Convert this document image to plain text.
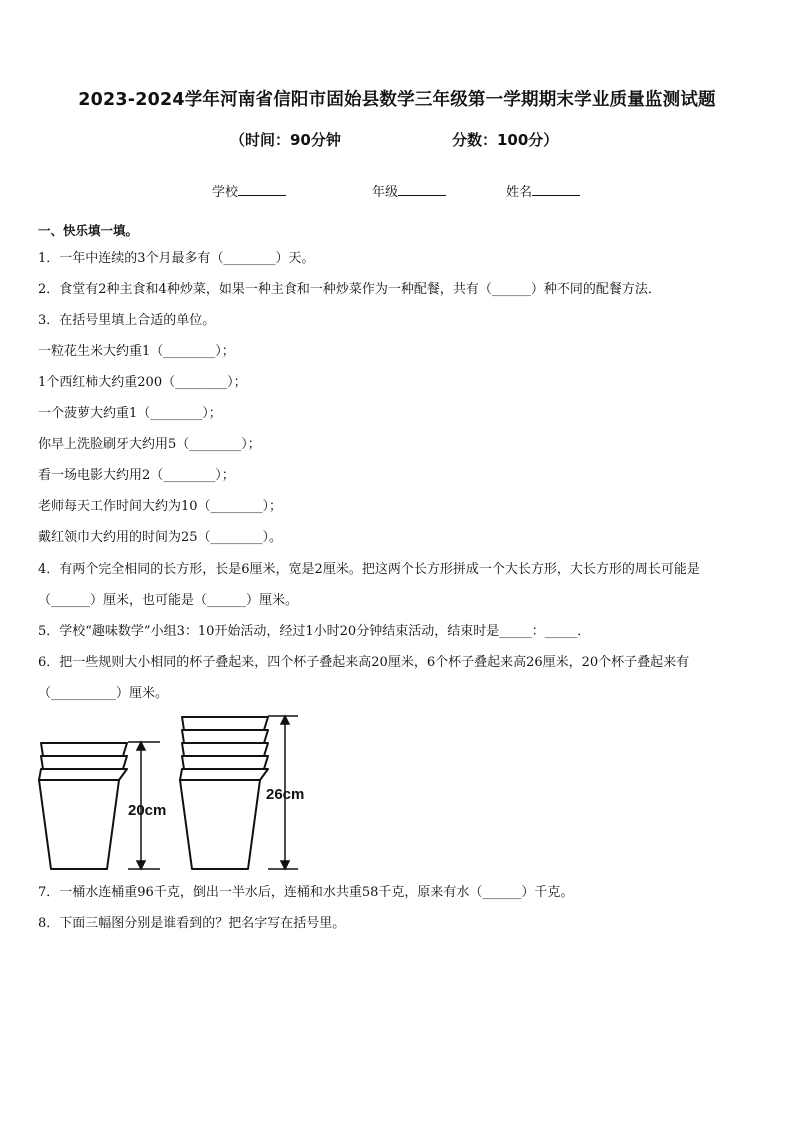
2023-2024学年河南省信阳市固始县数学三年级第一学期期末学业质量监测试题
（时间：90分钟	分数：100分）
学校	年级	姓名
一、快乐填一填。
1．一年中连续的3个月最多有（________）天。
2．食堂有2种主食和4种炒菜，如果一种主食和一种炒菜作为一种配餐，共有（______）种不同的配餐方法．
3．在括号里填上合适的单位。
一粒花生米大约重1（________）；
1个西红柿大约重200（________）；
一个菠萝大约重1（________）；
你早上洗脸刷牙大约用5（________）；
看一场电影大约用2（________）；
老师每天工作时间大约为10（________）；
戴红领巾大约用的时间为25（________）。
4．有两个完全相同的长方形，长是6厘米，宽是2厘米。把这两个长方形拼成一个大长方形，大长方形的周长可能是
（______）厘米，也可能是（______）厘米。
5．学校“趣味数学”小组3：10开始活动，经过1小时20分钟结束活动，结束时是_____：_____．
6．把一些规则大小相同的杯子叠起来，四个杯子叠起来高20厘米，6个杯子叠起来高26厘米，20个杯子叠起来有
（__________）厘米。
20cm
26cm
7．一桶水连桶重96千克，倒出一半水后，连桶和水共重58千克，原来有水（______）千克。
8．下面三幅图分别是谁看到的？把名字写在括号里。
